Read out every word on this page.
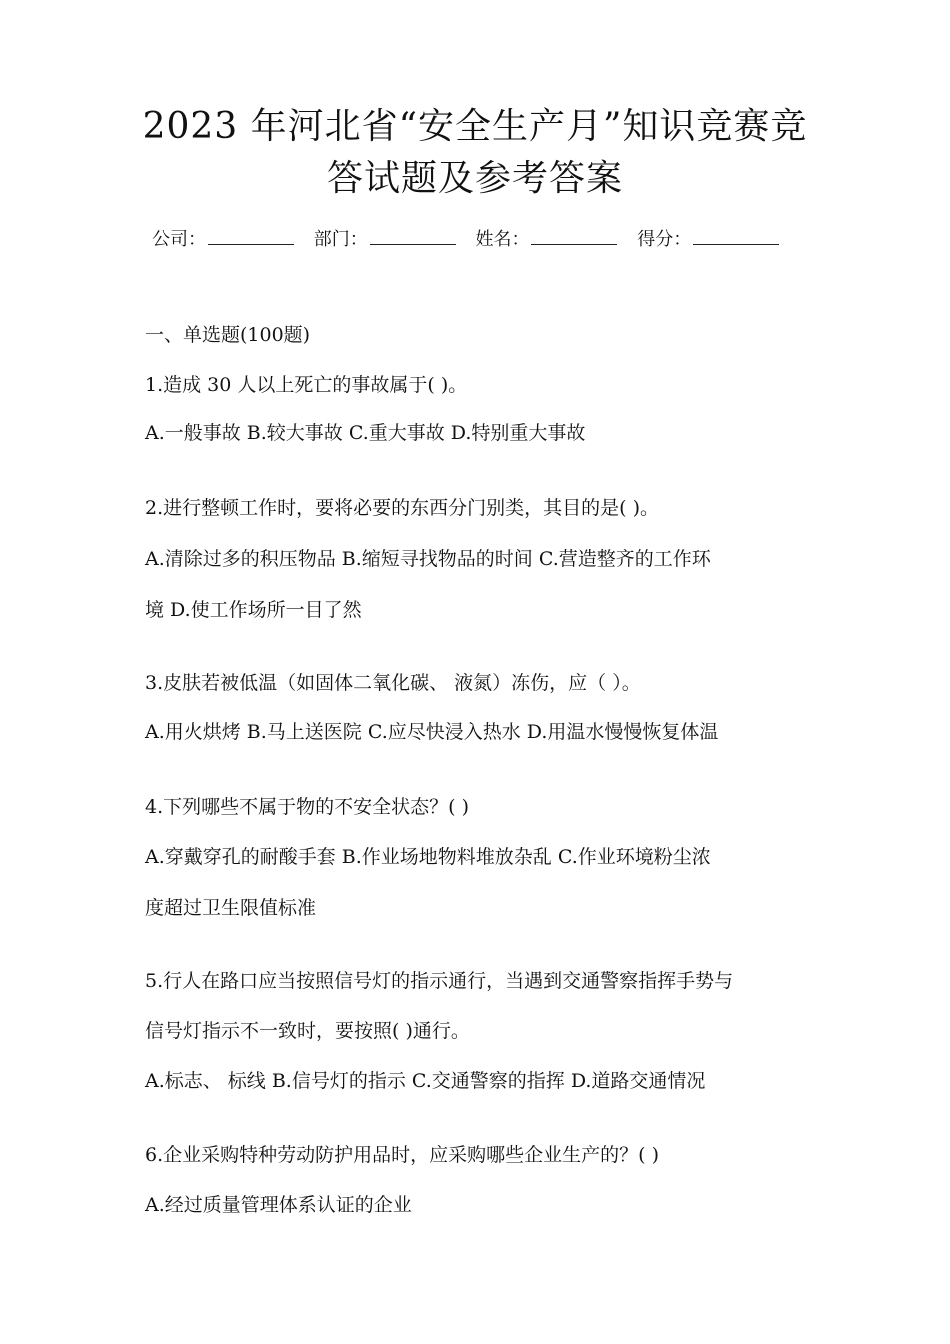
2023 年河北省“安全生产月”知识竞赛竞
答试题及参考答案
公司：	部门：	姓名：	得分：
一、单选题(100题)
1.造成 30 人以上死亡的事故属于( )。
A.一般事故 B.较大事故 C.重大事故 D.特别重大事故
2.进行整顿工作时，要将必要的东西分门别类，其目的是( )。
A.清除过多的积压物品 B.缩短寻找物品的时间 C.营造整齐的工作环
境 D.使工作场所一目了然
3.皮肤若被低温（如固体二氧化碳、 液氮）冻伤，应（ ）。
A.用火烘烤 B.马上送医院 C.应尽快浸入热水 D.用温水慢慢恢复体温
4.下列哪些不属于物的不安全状态？( )
A.穿戴穿孔的耐酸手套 B.作业场地物料堆放杂乱 C.作业环境粉尘浓
度超过卫生限值标准
5.行人在路口应当按照信号灯的指示通行，当遇到交通警察指挥手势与
信号灯指示不一致时，要按照( )通行。
A.标志、 标线 B.信号灯的指示 C.交通警察的指挥 D.道路交通情况
6.企业采购特种劳动防护用品时，应采购哪些企业生产的？( )
A.经过质量管理体系认证的企业
